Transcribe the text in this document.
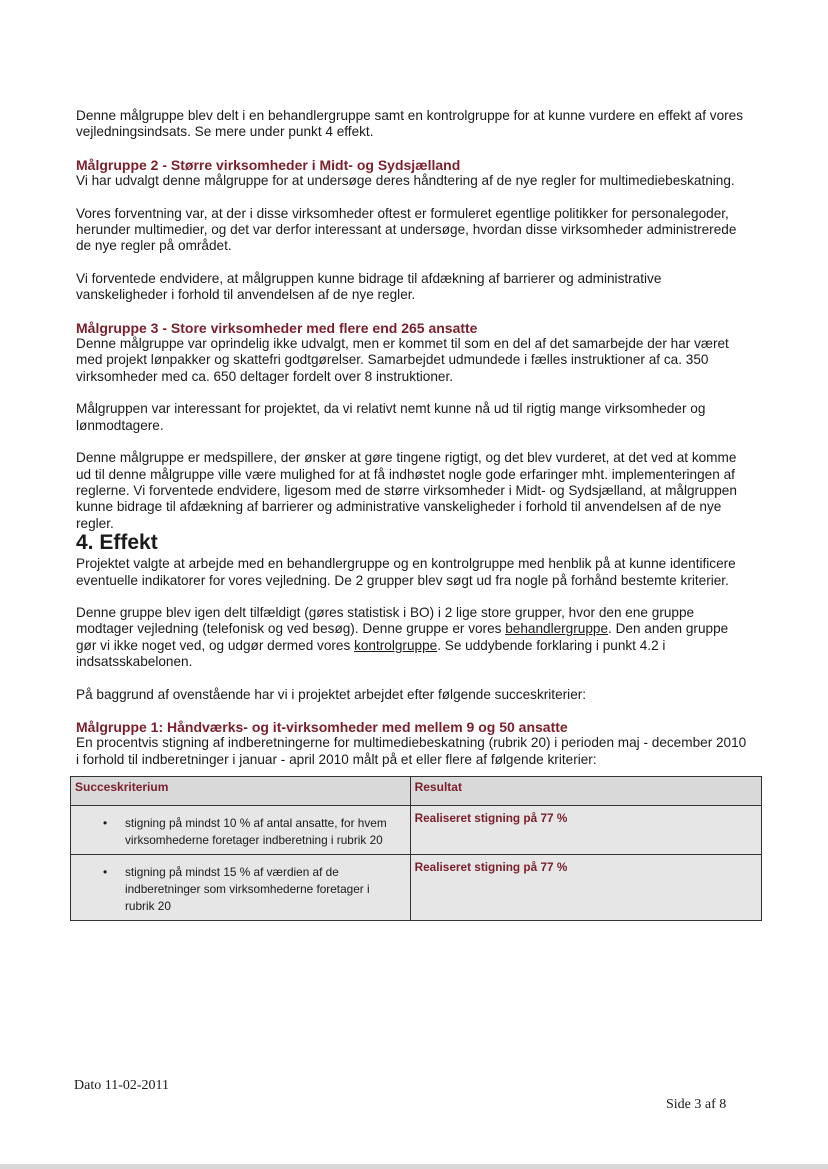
Denne målgruppe blev delt i en behandlergruppe samt en kontrolgruppe for at kunne vurdere en effekt af vores vejledningsindsats. Se mere under punkt 4 effekt.

Målgruppe 2 - Større virksomheder i Midt- og Sydsjælland

Vi har udvalgt denne målgruppe for at undersøge deres håndtering af de nye regler for multimediebeskatning.

Vores forventning var, at der i disse virksomheder oftest er formuleret egentlige politikker for personalegoder, herunder multimedier, og det var derfor interessant at undersøge, hvordan disse virksomheder administrerede de nye regler på området.

Vi forventede endvidere, at målgruppen kunne bidrage til afdækning af barrierer og administrative vanskeligheder i forhold til anvendelsen af de nye regler.

Målgruppe 3 - Store virksomheder med flere end 265 ansatte

Denne målgruppe var oprindelig ikke udvalgt, men er kommet til som en del af det samarbejde der har været med projekt lønpakker og skattefri godtgørelser. Samarbejdet udmundede i fælles instruktioner af ca. 350 virksomheder med ca. 650 deltager fordelt over 8 instruktioner.

Målgruppen var interessant for projektet, da vi relativt nemt kunne nå ud til rigtig mange virksomheder og lønmodtagere.

Denne målgruppe er medspillere, der ønsker at gøre tingene rigtigt, og det blev vurderet, at det ved at komme ud til denne målgruppe ville være mulighed for at få indhøstet nogle gode erfaringer mht. implementeringen af reglerne. Vi forventede endvidere, ligesom med de større virksomheder i Midt- og Sydsjælland, at målgruppen kunne bidrage til afdækning af barrierer og administrative vanskeligheder i forhold til anvendelsen af de nye regler.

4. Effekt

Projektet valgte at arbejde med en behandlergruppe og en kontrolgruppe med henblik på at kunne identificere eventuelle indikatorer for vores vejledning. De 2 grupper blev søgt ud fra nogle på forhånd bestemte kriterier.

Denne gruppe blev igen delt tilfældigt (gøres statistisk i BO) i 2 lige store grupper, hvor den ene gruppe modtager vejledning (telefonisk og ved besøg). Denne gruppe er vores behandlergruppe. Den anden gruppe gør vi ikke noget ved, og udgør dermed vores kontrolgruppe. Se uddybende forklaring i punkt 4.2 i indsatsskabelonen.

På baggrund af ovenstående har vi i projektet arbejdet efter følgende succeskriterier:

Målgruppe 1: Håndværks- og it-virksomheder med mellem 9 og 50 ansatte

En procentvis stigning af indberetningerne for multimediebeskatning (rubrik 20) i perioden maj - december 2010 i forhold til indberetninger i januar - april 2010 målt på et eller flere af følgende kriterier:

Succeskriterium	Resultat

• stigning på mindst 10 % af antal ansatte, for hvem virksomhederne foretager indberetning i rubrik 20	Realiseret stigning på 77 %

• stigning på mindst 15 % af værdien af de indberetninger som virksomhederne foretager i rubrik 20	Realiseret stigning på 77 %
Dato 11-02-2011
Side 3 af 8
